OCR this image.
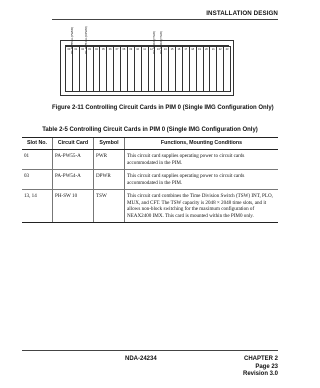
INSTALLATION DESIGN
00	01
PA-PW55-A (PWR0)	02	03
PA-PW54-A (DPWR)	04	05	06	07	08	09	10	11	12	13
PH-SW10 (TSW)	14
PH-SW10 (TSW)	15	16	17	18	19	20	21	22	23
Figure 2-11 Controlling Circuit Cards in PIM 0 (Single IMG Configuration Only)
Table 2-5 Controlling Circuit Cards in PIM 0 (Single IMG Configuration Only)
Slot No.	Circuit Card	Symbol	Functions, Mounting Conditions
01	PA-PW55-A	PWR	This circuit card supplies operating power to circuit cards accommodated in the PIM.
03	PA-PW54-A	DPWR	This circuit card supplies operating power to circuit cards accommodated in the PIM.
13, 14	PH-SW 10	TSW	This circuit card combines the Time Division Switch (TSW) INT, PLO, MUX, and CFT. The TSW capacity is 2048 × 2048 time slots, and it allows non-block switching for the maximum configuration of NEAX2400 IMX. This card is mounted within the PIM0 only.
NDA-24234	CHAPTER 2
Page 23
Revision 3.0
